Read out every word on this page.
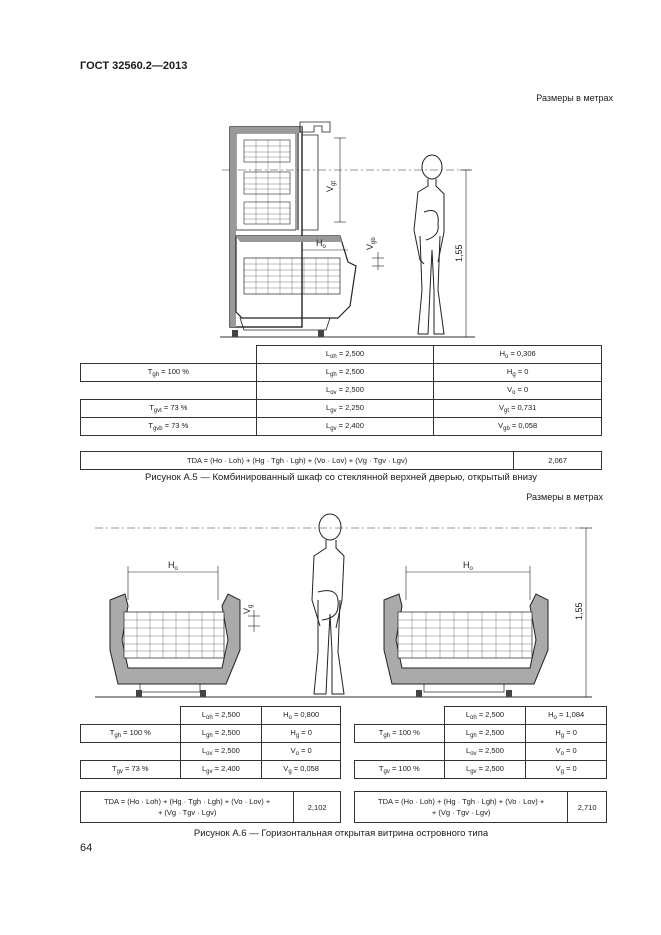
ГОСТ 32560.2—2013
Размеры в метрах
$V_{gt}$
$H_o$	$V_{gb}$
1,55
	$L_{oh} = 2,500$	$H_o = 0,306$
$T_{gh} = 100$ %	$L_{gh} = 2,500$	$H_g = 0$
	$L_{ov} = 2,500$	$V_o = 0$
$T_{gvt} = 73$ %	$L_{gv} = 2,250$	$V_{gt} = 0,731$
$T_{gvb} = 73$ %	$L_{gv} = 2,400$	$V_{gb} = 0,058$
TDA = (Ho · Loh) + (Hg · Tgh · Lgh) + (Vo · Lov) + (Vg · Tgv · Lgv)	2,067
Рисунок А.5 — Комбинированный шкаф со стеклянной верхней дверью, открытый внизу
Размеры в метрах
$H_o$
$V_g$
$H_o$
1,55
	$L_{oh} = 2,500$	$H_o = 0,800$
$T_{gh} = 100$ %	$L_{gh} = 2,500$	$H_g = 0$
	$L_{ov} = 2,500$	$V_o = 0$
$T_{gv} = 73$ %	$L_{gv} = 2,400$	$V_g = 0,058$
TDA = (Ho · Loh) + (Hg · Tgh · Lgh) + (Vo · Lov) +
+ (Vg · Tgv · Lgv)
	2,102
	$L_{oh} = 2,500$	$H_o = 1,084$
$T_{gh} = 100$ %	$L_{gh} = 2,500$	$H_g = 0$
	$L_{ov} = 2,500$	$V_o = 0$
$T_{gv} = 100$ %	$L_{gv} = 2,500$	$V_g = 0$
TDA = (Ho · Loh) + (Hg · Tgh · Lgh) + (Vo · Lov) +
+ (Vg · Tgv · Lgv)
	2,710
Рисунок А.6 — Горизонтальная открытая витрина островного типа
64
